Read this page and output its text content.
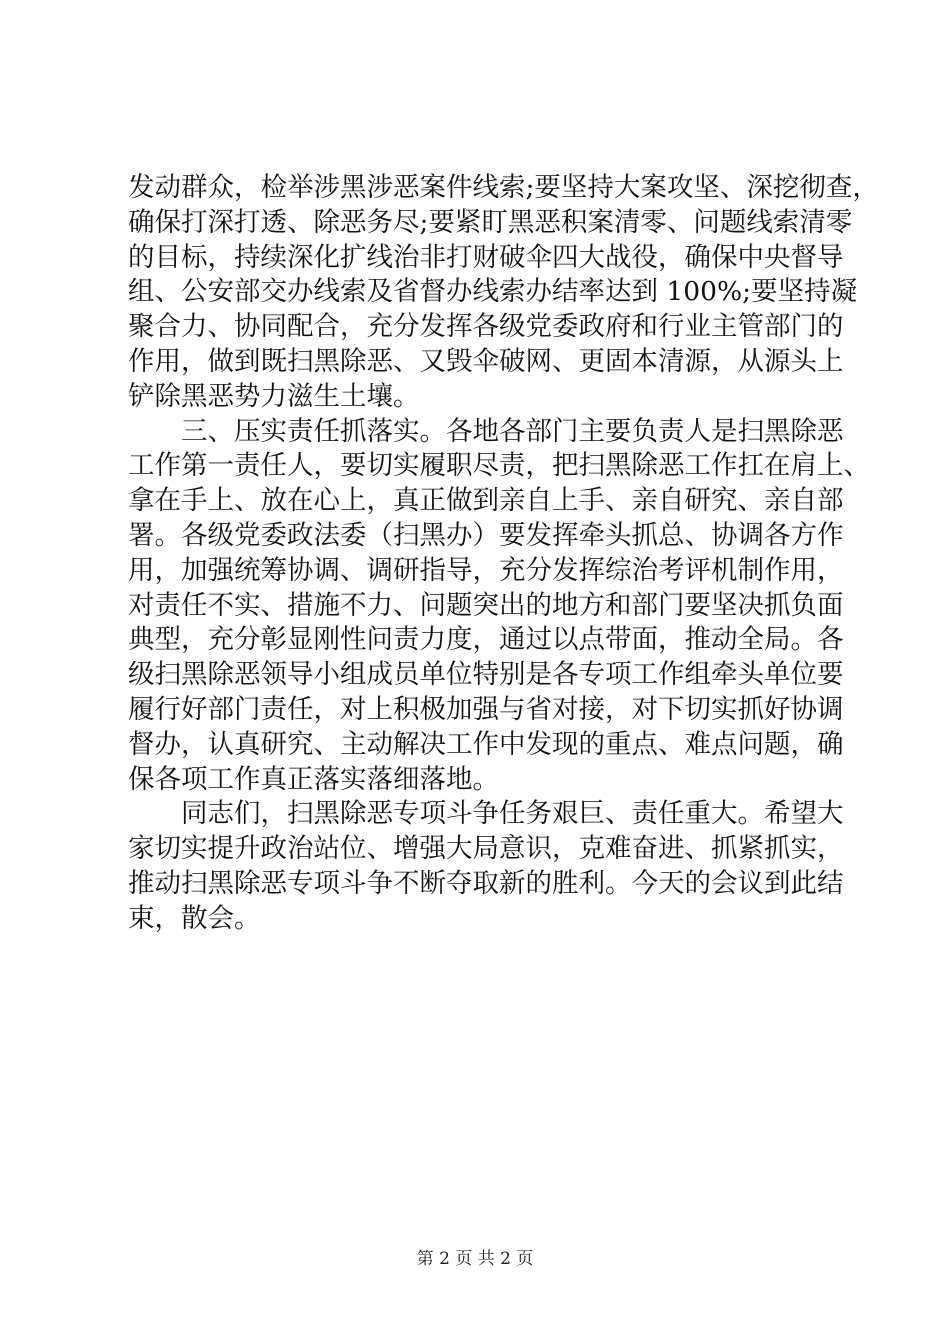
发动群众，检举涉黑涉恶案件线索;要坚持大案攻坚、深挖彻查，
确保打深打透、除恶务尽;要紧盯黑恶积案清零、问题线索清零
的目标，持续深化扩线治非打财破伞四大战役，确保中央督导
组、公安部交办线索及省督办线索办结率达到 100%;要坚持凝
聚合力、协同配合，充分发挥各级党委政府和行业主管部门的
作用，做到既扫黑除恶、又毁伞破网、更固本清源，从源头上
铲除黑恶势力滋生土壤。
　　三、压实责任抓落实。各地各部门主要负责人是扫黑除恶
工作第一责任人，要切实履职尽责，把扫黑除恶工作扛在肩上、
拿在手上、放在心上，真正做到亲自上手、亲自研究、亲自部
署。各级党委政法委（扫黑办）要发挥牵头抓总、协调各方作
用，加强统筹协调、调研指导，充分发挥综治考评机制作用，
对责任不实、措施不力、问题突出的地方和部门要坚决抓负面
典型，充分彰显刚性问责力度，通过以点带面，推动全局。各
级扫黑除恶领导小组成员单位特别是各专项工作组牵头单位要
履行好部门责任，对上积极加强与省对接，对下切实抓好协调
督办，认真研究、主动解决工作中发现的重点、难点问题，确
保各项工作真正落实落细落地。
　　同志们，扫黑除恶专项斗争任务艰巨、责任重大。希望大
家切实提升政治站位、增强大局意识，克难奋进、抓紧抓实，
推动扫黑除恶专项斗争不断夺取新的胜利。今天的会议到此结
束，散会。
第 2 页 共 2 页
